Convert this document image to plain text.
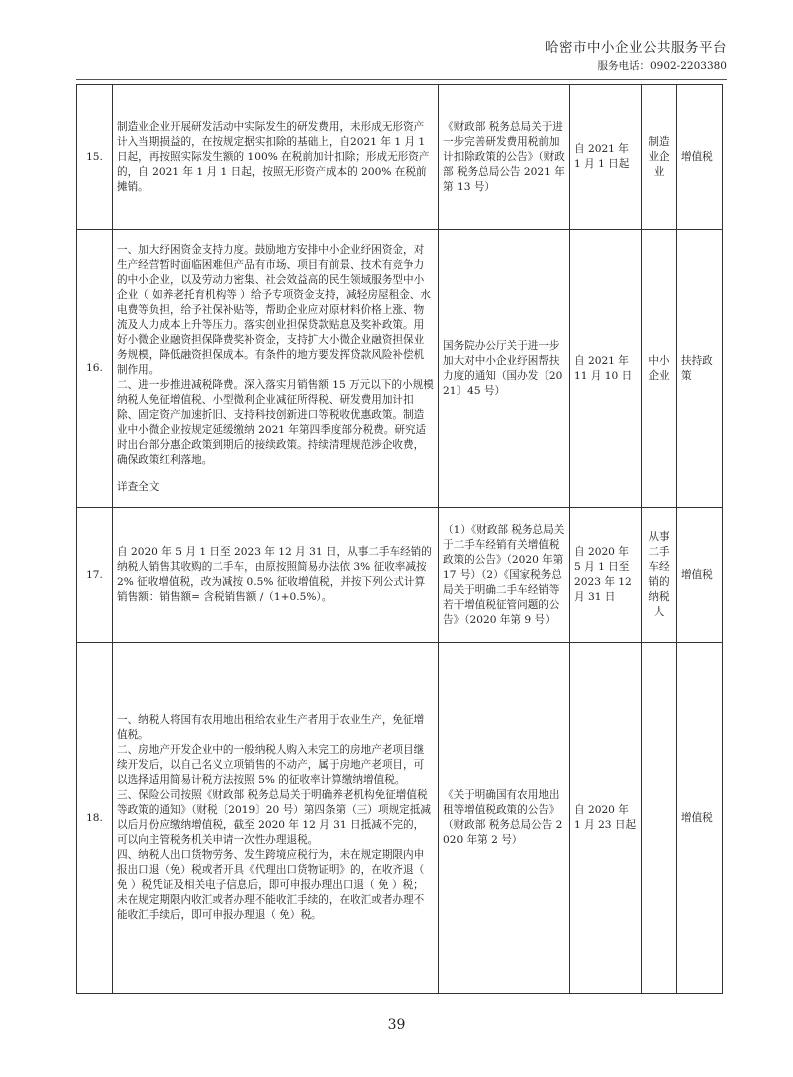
哈密市中小企业公共服务平台
服务电话：0902-2203380
15.	制造业企业开展研发活动中实际发生的研发费用，未形成无形资产计入当期损益的，在按规定据实扣除的基础上，自2021 年 1 月 1 日起，再按照实际发生额的 100% 在税前加计扣除；形成无形资产的，自 2021 年 1 月 1 日起，按照无形资产成本的 200% 在税前摊销。	《财政部 税务总局关于进一步完善研发费用税前加计扣除政策的公告》（财政部 税务总局公告 2021 年第 13 号）	自 2021 年 1 月 1 日起	制造业企业	增值税
16.	一、加大纾困资金支持力度。鼓励地方安排中小企业纾困资金，对生产经营暂时面临困难但产品有市场、项目有前景、技术有竞争力的中小企业，以及劳动力密集、社会效益高的民生领域服务型中小企业（ 如养老托育机构等 ）给予专项资金支持，减轻房屋租金、水电费等负担，给予社保补贴等，帮助企业应对原材料价格上涨、物流及人力成本上升等压力。落实创业担保贷款贴息及奖补政策。用好小微企业融资担保降费奖补资金，支持扩大小微企业融资担保业务规模，降低融资担保成本。有条件的地方要发挥贷款风险补偿机制作用。

二、进一步推进减税降费。深入落实月销售额 15 万元以下的小规模纳税人免征增值税、小型微利企业减征所得税、研发费用加计扣除、固定资产加速折旧、支持科技创新进口等税收优惠政策。制造业中小微企业按规定延缓缴纳 2021 年第四季度部分税费。研究适时出台部分惠企政策到期后的接续政策。持续清理规范涉企收费，确保政策红利落地。

详查全文	国务院办公厅关于进一步加大对中小企业纾困帮扶力度的通知（国办发〔2021〕45 号）	自 2021 年 11 月 10 日	中小企业	扶持政策
17.	自 2020 年 5 月 1 日至 2023 年 12 月 31 日，从事二手车经销的纳税人销售其收购的二手车，由原按照简易办法依 3% 征收率减按 2% 征收增值税，改为减按 0.5% 征收增值税，并按下列公式计算销售额：销售额= 含税销售额 /（1+0.5%）。	（1）《财政部 税务总局关于二手车经销有关增值税政策的公告》（2020 年第 17 号）（2）《国家税务总局关于明确二手车经销等若干增值税征管问题的公告》（2020 年第 9 号）	自 2020 年 5 月 1 日至 2023 年 12 月 31 日	从事二手车经销的纳税人	增值税
18.	一、纳税人将国有农用地出租给农业生产者用于农业生产，免征增值税。

二、房地产开发企业中的一般纳税人购入未完工的房地产老项目继续开发后，以自己名义立项销售的不动产，属于房地产老项目，可以选择适用简易计税方法按照 5% 的征收率计算缴纳增值税。

三、保险公司按照《财政部 税务总局关于明确养老机构免征增值税等政策的通知》（财税〔2019〕20 号）第四条第（三）项规定抵减以后月份应缴纳增值税，截至 2020 年 12 月 31 日抵减不完的，可以向主管税务机关申请一次性办理退税。

四、纳税人出口货物劳务、发生跨境应税行为，未在规定期限内申报出口退（免）税或者开具《代理出口货物证明》的，在收齐退（ 免 ）税凭证及相关电子信息后，即可申报办理出口退（ 免 ）税；未在规定期限内收汇或者办理不能收汇手续的，在收汇或者办理不能收汇手续后，即可申报办理退（ 免）税。	《关于明确国有农用地出租等增值税政策的公告》（财政部 税务总局公告 2020 年第 2 号）	自 2020 年 1 月 23 日起		增值税
39
